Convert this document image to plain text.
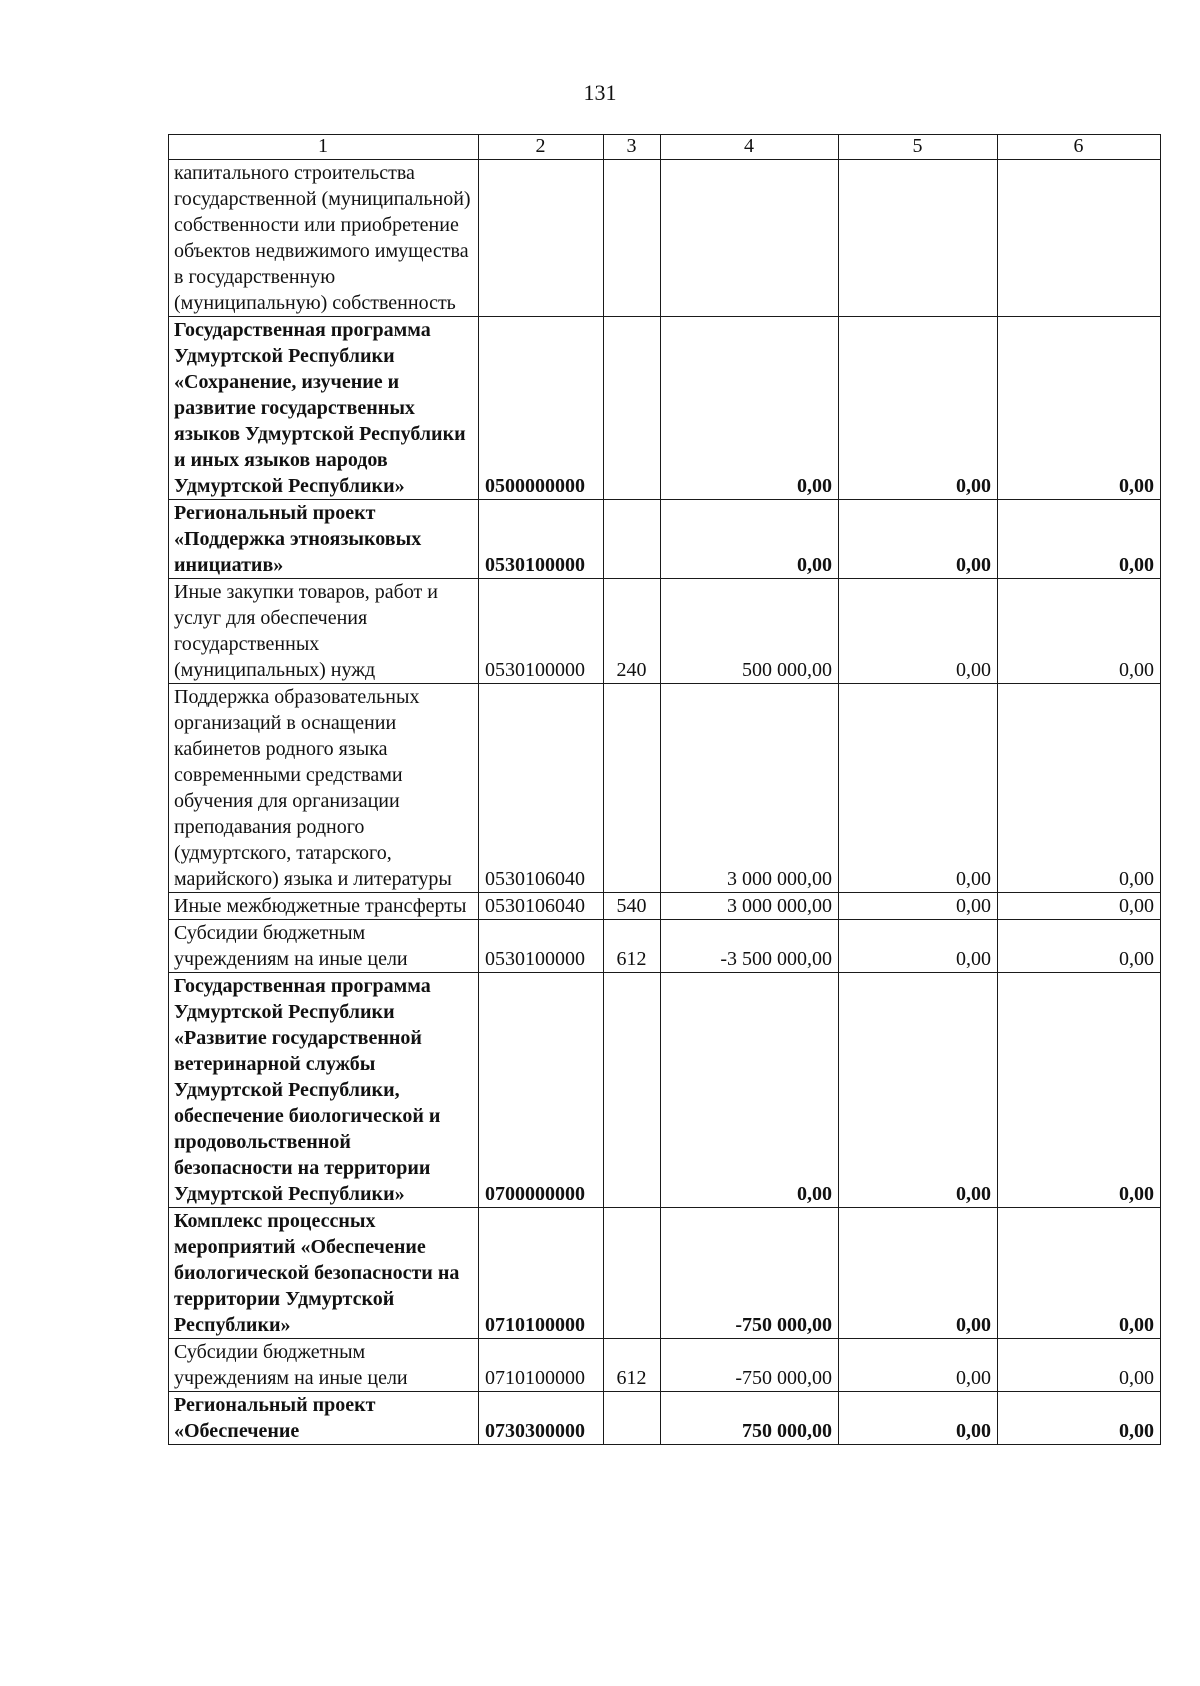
131
1	2	3	4	5	6
капитального строительства государственной (муниципальной) собственности или приобретение объектов недвижимого имущества в государственную (муниципальную) собственность					
Государственная программа Удмуртской Республики «Сохранение, изучение и развитие государственных языков Удмуртской Республики и иных языков народов Удмуртской Республики»	0500000000		0,00	0,00	0,00
Региональный проект «Поддержка этноязыковых инициатив»	0530100000		0,00	0,00	0,00
Иные закупки товаров, работ и услуг для обеспечения государственных (муниципальных) нужд	0530100000	240	500 000,00	0,00	0,00
Поддержка образовательных организаций в оснащении кабинетов родного языка современными средствами обучения для организации преподавания родного (удмуртского, татарского, марийского) языка и литературы	0530106040		3 000 000,00	0,00	0,00
Иные межбюджетные трансферты	0530106040	540	3 000 000,00	0,00	0,00
Субсидии бюджетным учреждениям на иные цели	0530100000	612	-3 500 000,00	0,00	0,00
Государственная программа Удмуртской Республики «Развитие государственной ветеринарной службы Удмуртской Республики, обеспечение биологической и продовольственной безопасности на территории Удмуртской Республики»	0700000000		0,00	0,00	0,00
Комплекс процессных мероприятий «Обеспечение биологической безопасности на территории Удмуртской Республики»	0710100000		-750 000,00	0,00	0,00
Субсидии бюджетным учреждениям на иные цели	0710100000	612	-750 000,00	0,00	0,00
Региональный проект «Обеспечение	0730300000		750 000,00	0,00	0,00
